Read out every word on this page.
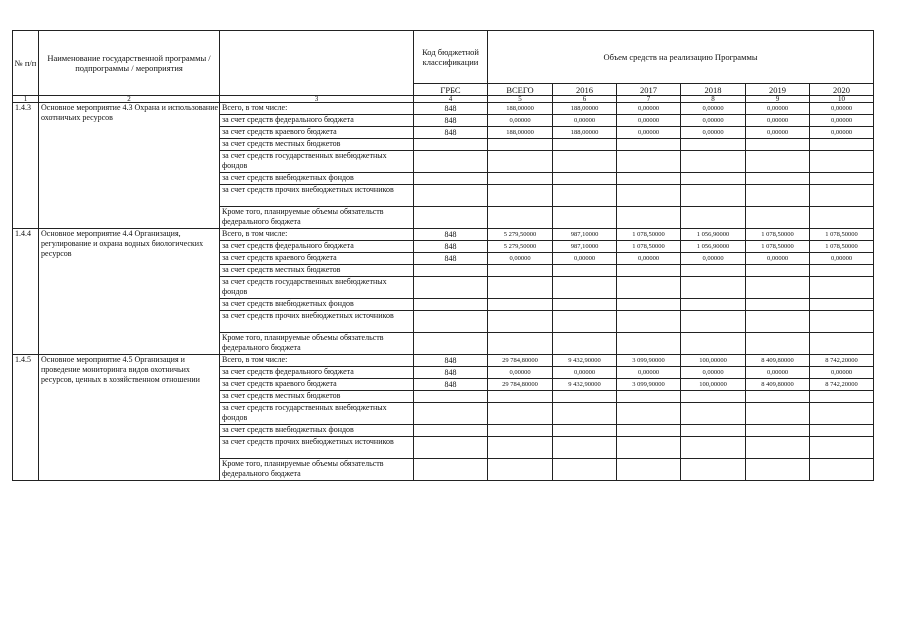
№ п/п	Наименование государственной программы / подпрограммы / мероприятия		Код бюджетной классификации	Объем средств на реализацию Программы					
			ГРБС	ВСЕГО	2016	2017	2018	2019	2020
1	2	3	4	5	6	7	8	9	10
1.4.3	Основное мероприятие 4.3 Охрана и использование охотничьих ресурсов	Всего, в том числе:	848	188,00000	188,00000	0,00000	0,00000	0,00000	0,00000
		за счет средств федерального бюджета	848	0,00000	0,00000	0,00000	0,00000	0,00000	0,00000
		за счет средств краевого бюджета	848	188,00000	188,00000	0,00000	0,00000	0,00000	0,00000
		за счет средств местных бюджетов							
		за счет средств государственных внебюджетных фондов							
		за счет средств внебюджетных фондов							
		за счет средств прочих внебюджетных источников							
		Кроме того, планируемые объемы обязательств федерального бюджета							
1.4.4	Основное мероприятие 4.4 Организация, регулирование и охрана водных биологических ресурсов	Всего, в том числе:	848	5 279,50000	987,10000	1 078,50000	1 056,90000	1 078,50000	1 078,50000
		за счет средств федерального бюджета	848	5 279,50000	987,10000	1 078,50000	1 056,90000	1 078,50000	1 078,50000
		за счет средств краевого бюджета	848	0,00000	0,00000	0,00000	0,00000	0,00000	0,00000
		за счет средств местных бюджетов							
		за счет средств государственных внебюджетных фондов							
		за счет средств внебюджетных фондов							
		за счет средств прочих внебюджетных источников							
		Кроме того, планируемые объемы обязательств федерального бюджета							
1.4.5	Основное мероприятие 4.5 Организация и проведение мониторинга видов охотничьих ресурсов, ценных в хозяйственном отношении	Всего, в том числе:	848	29 784,80000	9 432,90000	3 099,90000	100,00000	8 409,80000	8 742,20000
		за счет средств федерального бюджета	848	0,00000	0,00000	0,00000	0,00000	0,00000	0,00000
		за счет средств краевого бюджета	848	29 784,80000	9 432,90000	3 099,90000	100,00000	8 409,80000	8 742,20000
		за счет средств местных бюджетов							
		за счет средств государственных внебюджетных фондов							
		за счет средств внебюджетных фондов							
		за счет средств прочих внебюджетных источников							
		Кроме того, планируемые объемы обязательств федерального бюджета							
